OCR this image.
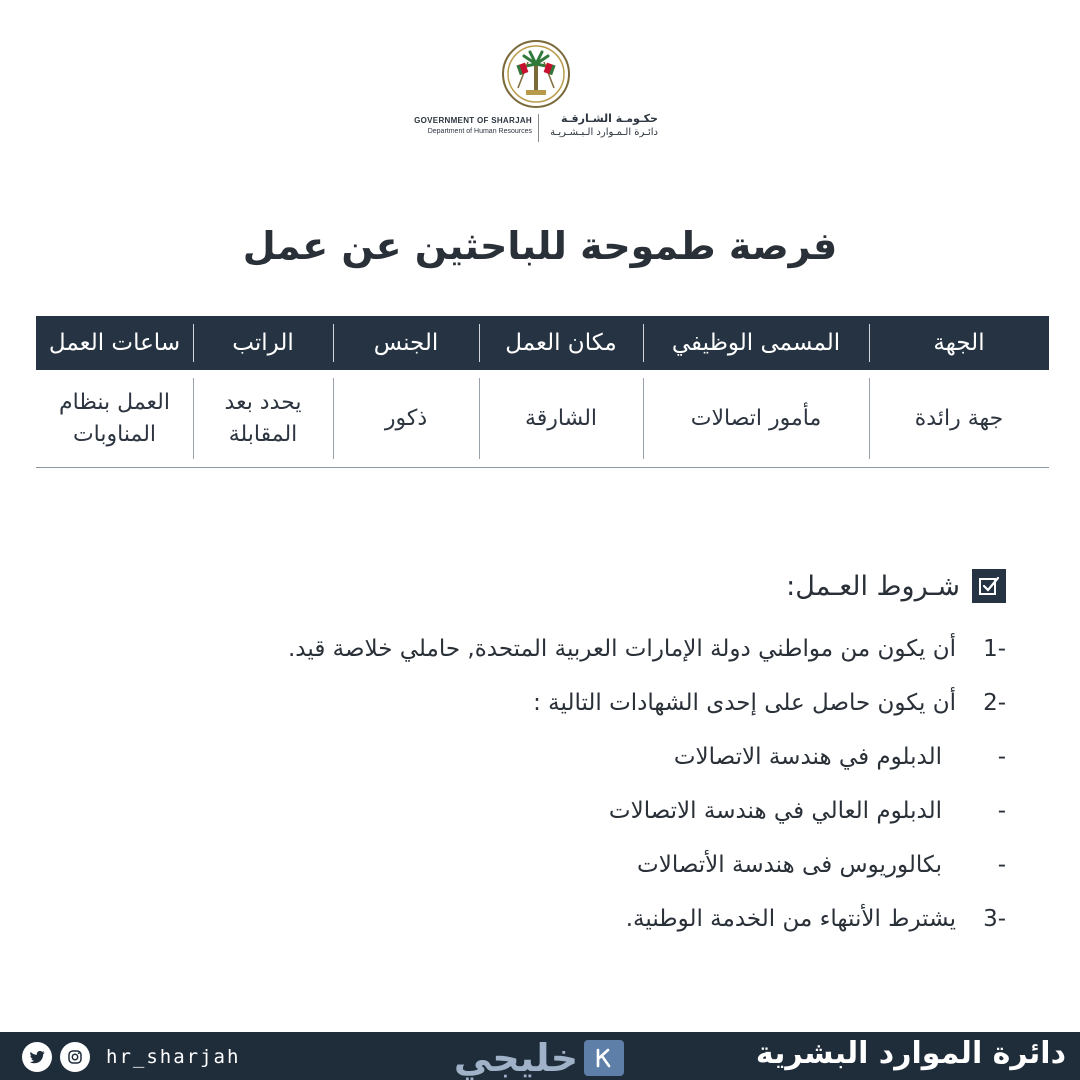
GOVERNMENT OF SHARJAH
Department of Human Resources
حكـومـة الشـارقـة
دائـرة الـمـوارد الـبـشـريـة
فرصة طموحة للباحثين عن عمل
الجهة
المسمى الوظيفي
مكان العمل
الجنس
الراتب
ساعات العمل
جهة رائدة
مأمور اتصالات
الشارقة
ذكور
يحدد بعد
المقابلة
العمل بنظام
المناوبات
شـروط العـمل:
1-
أن يكون من مواطني دولة الإمارات العربية المتحدة, حاملي خلاصة قيد.
2-
أن يكون حاصل على إحدى الشهادات التالية :
-
الدبلوم في هندسة الاتصالات
-
الدبلوم العالي في هندسة الاتصالات
-
بكالوريوس فى هندسة الأتصالات
3-
يشترط الأنتهاء من الخدمة الوطنية.
hr_sharjah	خليجي	دائرة الموارد البشرية
